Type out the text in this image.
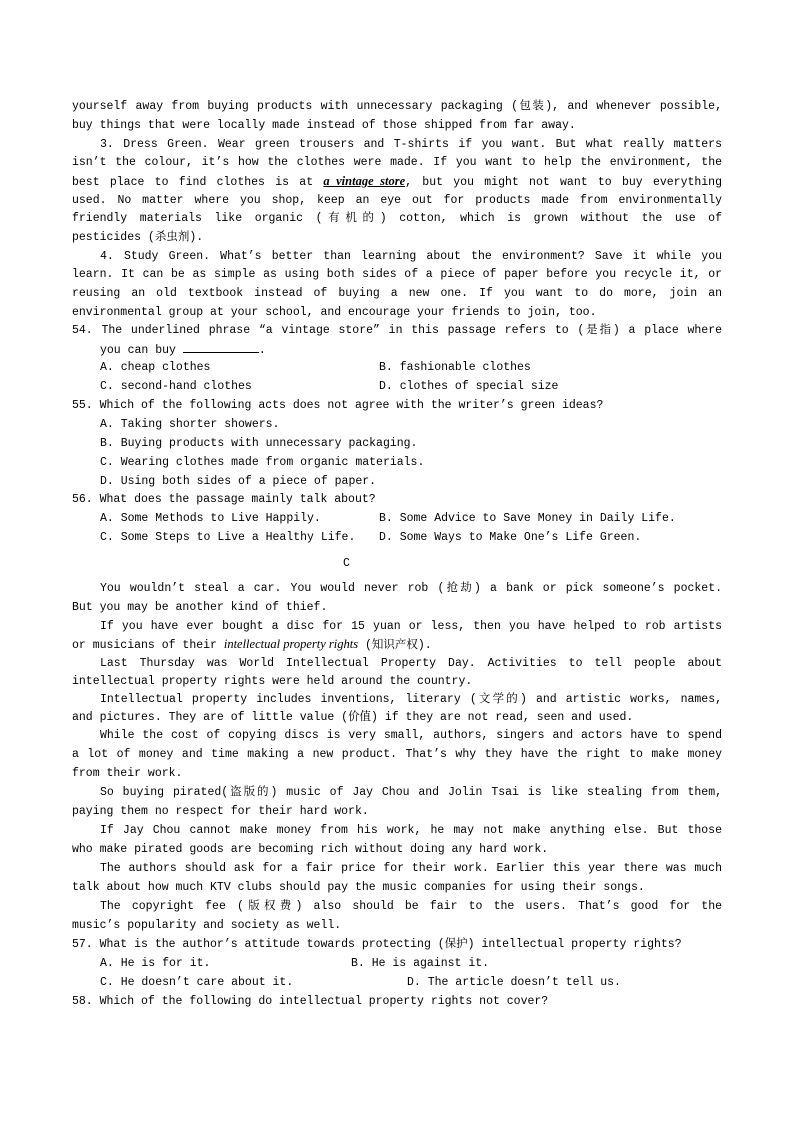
yourself away from buying products with unnecessary packaging (包装), and whenever possible,
buy things that were locally made instead of those shipped from far away.
3. Dress Green. Wear green trousers and T-shirts if you want. But what really matters
isn’t the colour, it’s how the clothes were made. If you want to help the environment, the
best place to find clothes is at a vintage store, but you might not want to buy everything
used. No matter where you shop, keep an eye out for products made from environmentally
friendly materials like organic (有机的) cotton, which is grown without the use of
pesticides (杀虫剂).
4. Study Green. What’s better than learning about the environment? Save it while you
learn. It can be as simple as using both sides of a piece of paper before you recycle it, or
reusing an old textbook instead of buying a new one. If you want to do more, join an
environmental group at your school, and encourage your friends to join, too.
54. The underlined phrase “a vintage store” in this passage refers to (是指) a place where
you can buy	.
A. cheap clothes	B. fashionable clothes
C. second-hand clothes	D. clothes of special size
55. Which of the following acts does not agree with the writer’s green ideas?
A. Taking shorter showers.
B. Buying products with unnecessary packaging.
C. Wearing clothes made from organic materials.
D. Using both sides of a piece of paper.
56. What does the passage mainly talk about?
A. Some Methods to Live Happily.	B. Some Advice to Save Money in Daily Life.
C. Some Steps to Live a Healthy Life. D. Some Ways to Make One’s Life Green.
C
You wouldn’t steal a car. You would never rob (抢劫) a bank or pick someone’s pocket.
But you may be another kind of thief.
If you have ever bought a disc for 15 yuan or less, then you have helped to rob artists
or musicians of their intellectual property rights (知识产权).
Last Thursday was World Intellectual Property Day. Activities to tell people about
intellectual property rights were held around the country.
Intellectual property includes inventions, literary (文学的) and artistic works, names,
and pictures. They are of little value (价值) if they are not read, seen and used.
While the cost of copying discs is very small, authors, singers and actors have to spend
a lot of money and time making a new product. That’s why they have the right to make money
from their work.
So buying pirated(盗版的) music of Jay Chou and Jolin Tsai is like stealing from them,
paying them no respect for their hard work.
If Jay Chou cannot make money from his work, he may not make anything else. But those
who make pirated goods are becoming rich without doing any hard work.
The authors should ask for a fair price for their work. Earlier this year there was much
talk about how much KTV clubs should pay the music companies for using their songs.
The copyright fee (版权费) also should be fair to the users. That’s good for the
music’s popularity and society as well.
57. What is the author’s attitude towards protecting (保护) intellectual property rights?
A. He is for it.	B. He is against it.
C. He doesn’t care about it.	D. The article doesn’t tell us.
58. Which of the following do intellectual property rights not cover?
